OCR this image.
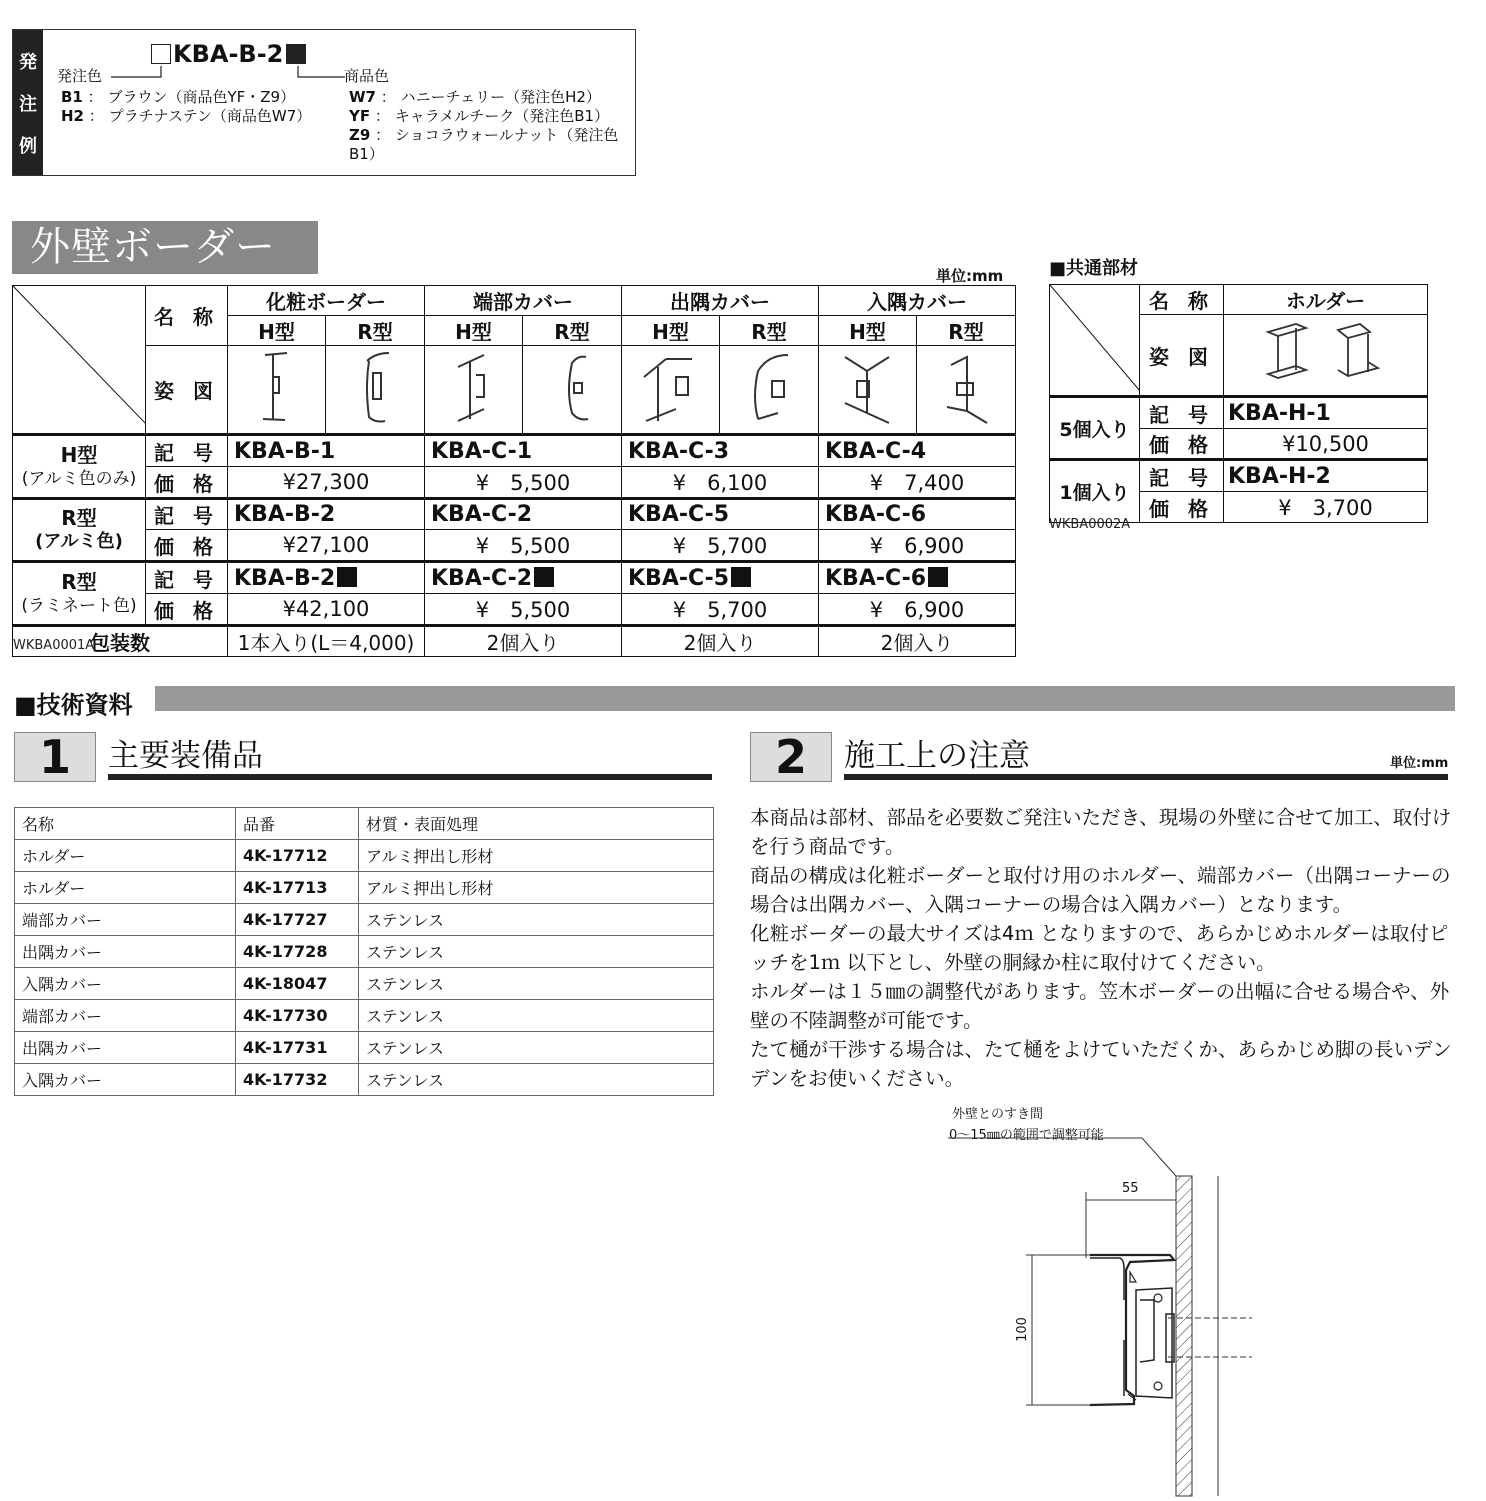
発
注
例
KBA-B-2
発注色	商品色
B1 ： ブラウン（商品色YF・Z9）
H2 ： プラチナステン（商品色W7）
W7 ： ハニーチェリー（発注色H2）
YF ： キャラメルチーク（発注色B1）
Z9 ： ショコラウォールナット（発注色B1）
外壁ボーダー
単位:mm
	名 称	化粧ボーダー		端部カバー		出隅カバー		入隅カバー	
		H型	R型	H型	R型	H型	R型	H型	R型
	姿 図								

H型
(アルミ色のみ)	記 号	KBA-B-1		KBA-C-1		KBA-C-3		KBA-C-4	
	価 格	¥27,300		¥　5,500		¥　6,100		¥　7,400	

R型
(アルミ色)	記 号	KBA-B-2		KBA-C-2		KBA-C-5		KBA-C-6	
	価 格	¥27,100		¥　5,500		¥　5,700		¥　6,900	

R型
(ラミネート色)	記 号	KBA-B-2		KBA-C-2		KBA-C-5		KBA-C-6	
	価 格	¥42,100		¥　5,500		¥　5,700		¥　6,900	
包装数		1本入り(L＝4,000)		2個入り		2個入り		2個入り	
WKBA0001A
■共通部材
	名 称	ホルダー
	姿 図	
5個入り	記 号	KBA-H-1
	価 格	¥10,500
1個入り	記 号	KBA-H-2
	価 格	¥　3,700
WKBA0002A
■技術資料
1	主要装備品
名称	品番	材質・表面処理
ホルダー	4K-17712	アルミ押出し形材
ホルダー	4K-17713	アルミ押出し形材
端部カバー	4K-17727	ステンレス
出隅カバー	4K-17728	ステンレス
入隅カバー	4K-18047	ステンレス
端部カバー	4K-17730	ステンレス
出隅カバー	4K-17731	ステンレス
入隅カバー	4K-17732	ステンレス
2	施工上の注意	単位:mm
本商品は部材、部品を必要数ご発注いただき、現場の外壁に合せて加工、取付けを行う商品です。
商品の構成は化粧ボーダーと取付け用のホルダー、端部カバー（出隅コーナーの場合は出隅カバー、入隅コーナーの場合は入隅カバー）となります。
化粧ボーダーの最大サイズは4ｍ となりますので、あらかじめホルダーは取付ピッチを1ｍ 以下とし、外壁の胴縁か柱に取付けてください。
ホルダーは１５㎜の調整代があります。笠木ボーダーの出幅に合せる場合や、外壁の不陸調整が可能です。
たて樋が干渉する場合は、たて樋をよけていただくか、あらかじめ脚の長いデンデンをお使いください。
外壁とのすき間
0～15㎜の範囲で調整可能
55
100
